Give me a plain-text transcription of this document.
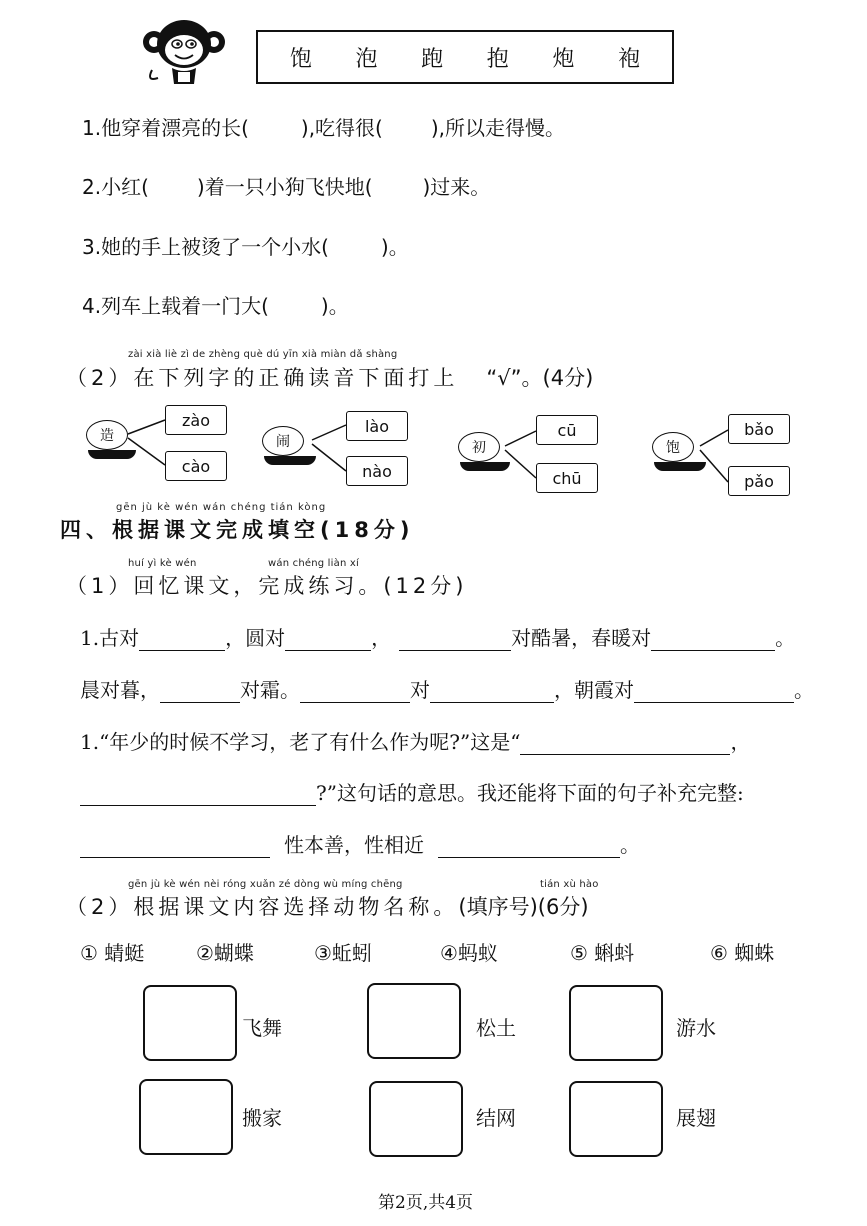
饱 泡 跑 抱 炮 袍
1.他穿着漂亮的长(	),吃得很( ),所以走得慢。
2.小红( )着一只小狗飞快地(	)过来。
3.她的手上被烫了一个小水(	)。
4.列车上载着一门大(	)。
zài xià liè zì de zhèng què dú yīn xià miàn dǎ shàng
（2）在下列字的正确读音下面打上 “√”。(4分)
造
zào
cào
闹
lào
nào
初
cū
chū
饱
bǎo
pǎo
gēn jù kè wén wán chéng tián kòng
四、根据课文完成填空(18分)
huí yì kè wén	wán chéng liàn xí
（1）回忆课文，完成练习。(12分)
1.古对	，圆对	，	对酷暑，春暖对	。
晨对暮，	对霜。	对	，朝霞对	。
1.“年少的时候不学习，老了有什么作为呢?”这是“	，
?”这句话的意思。我还能将下面的句子补充完整:
性本善，性相近	。
gēn jù kè wén nèi róng xuǎn zé dòng wù míng chēng	tián xù hào
（2）根据课文内容选择动物名称。(填序号)(6分)
① 蜻蜓	②蝴蝶	③蚯蚓	④蚂蚁	⑤ 蝌蚪	⑥ 蜘蛛
飞舞	松土	游水
搬家	结网	展翅
第2页,共4页
